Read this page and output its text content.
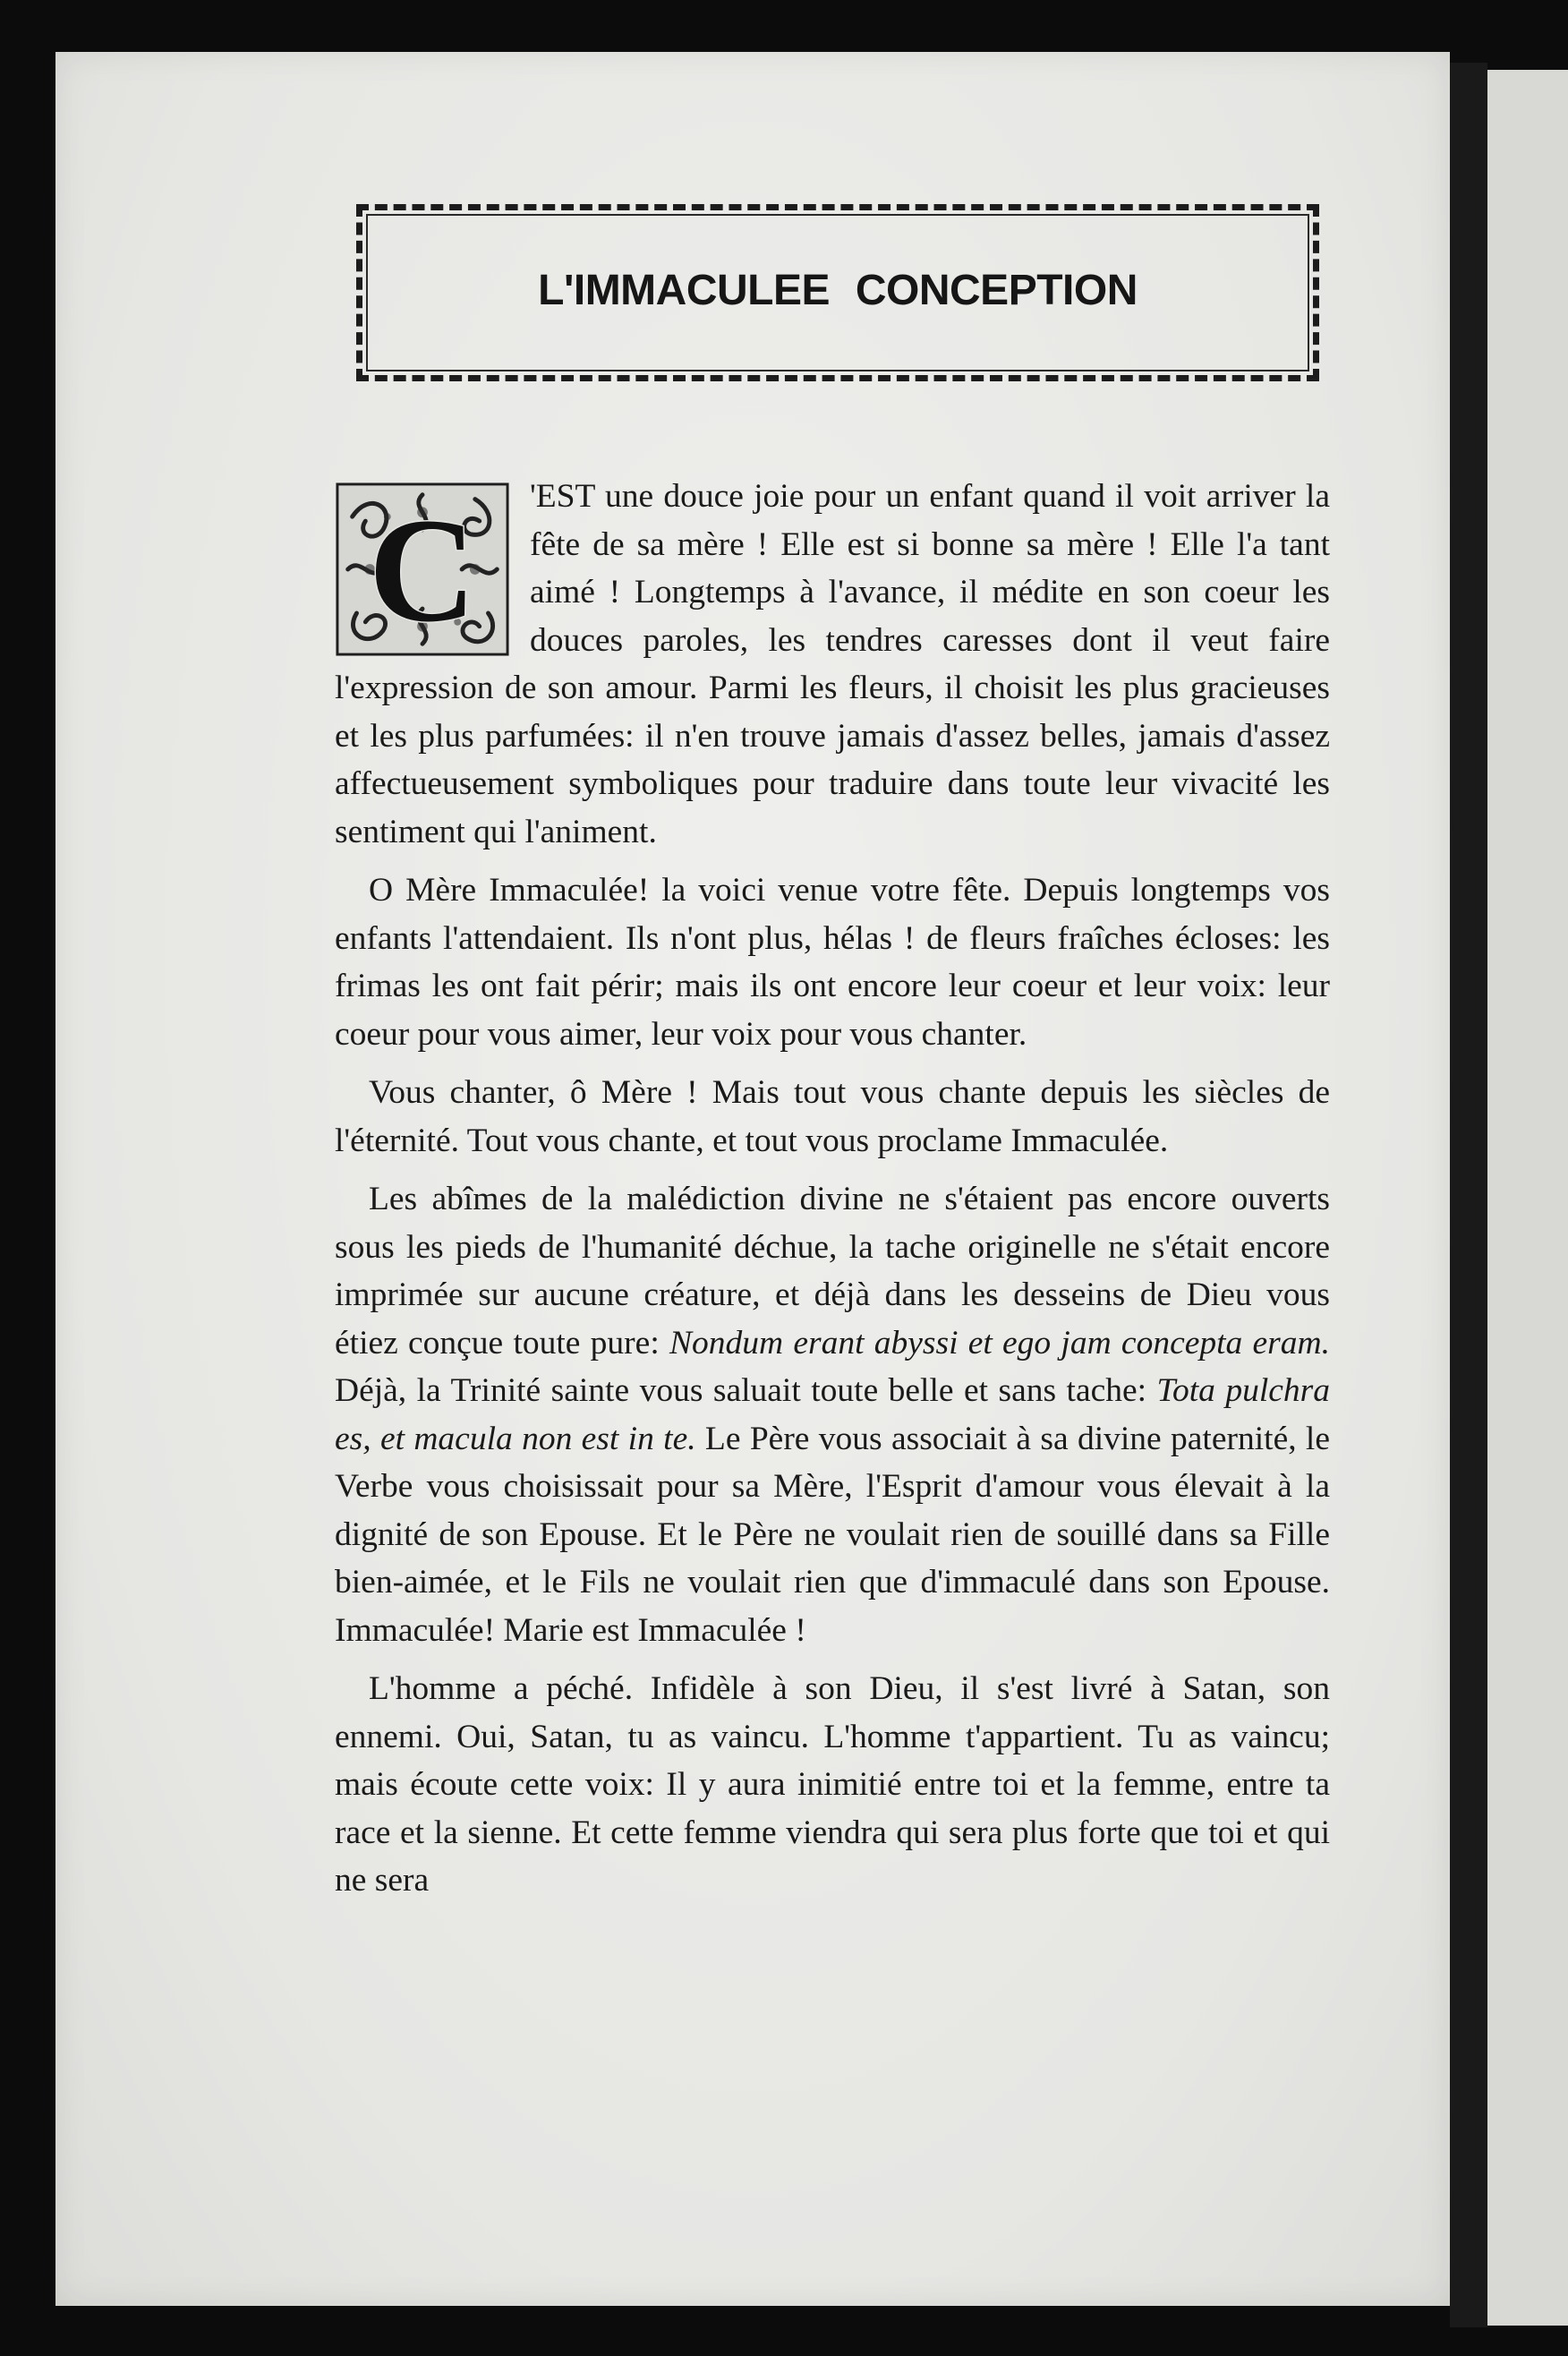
L'IMMACULEE CONCEPTION

C 'EST une douce joie pour un enfant quand il voit arriver la fête de sa mère ! Elle est si bonne sa mère ! Elle l'a tant aimé ! Longtemps à l'avance, il médite en son coeur les douces paroles, les tendres caresses dont il veut faire l'expression de son amour. Parmi les fleurs, il choisit les plus gracieuses et les plus parfumées: il n'en trouve jamais d'assez belles, jamais d'assez affectueusement symboliques pour traduire dans toute leur vivacité les sentiment qui l'animent.

O Mère Immaculée! la voici venue votre fête. Depuis longtemps vos enfants l'attendaient. Ils n'ont plus, hélas ! de fleurs fraîches écloses: les frimas les ont fait périr; mais ils ont encore leur coeur et leur voix: leur coeur pour vous aimer, leur voix pour vous chanter.

Vous chanter, ô Mère ! Mais tout vous chante depuis les siècles de l'éternité. Tout vous chante, et tout vous proclame Immaculée.

Les abîmes de la malédiction divine ne s'étaient pas encore ouverts sous les pieds de l'humanité déchue, la tache originelle ne s'était encore imprimée sur aucune créature, et déjà dans les desseins de Dieu vous étiez conçue toute pure: Nondum erant abyssi et ego jam concepta eram. Déjà, la Trinité sainte vous saluait toute belle et sans tache: Tota pulchra es, et macula non est in te. Le Père vous associait à sa divine paternité, le Verbe vous choisissait pour sa Mère, l'Esprit d'amour vous élevait à la dignité de son Epouse. Et le Père ne voulait rien de souillé dans sa Fille bien-aimée, et le Fils ne voulait rien que d'immaculé dans son Epouse. Immaculée! Marie est Immaculée !

L'homme a péché. Infidèle à son Dieu, il s'est livré à Satan, son ennemi. Oui, Satan, tu as vaincu. L'homme t'appartient. Tu as vaincu; mais écoute cette voix: Il y aura inimitié entre toi et la femme, entre ta race et la sienne. Et cette femme viendra qui sera plus forte que toi et qui ne sera
